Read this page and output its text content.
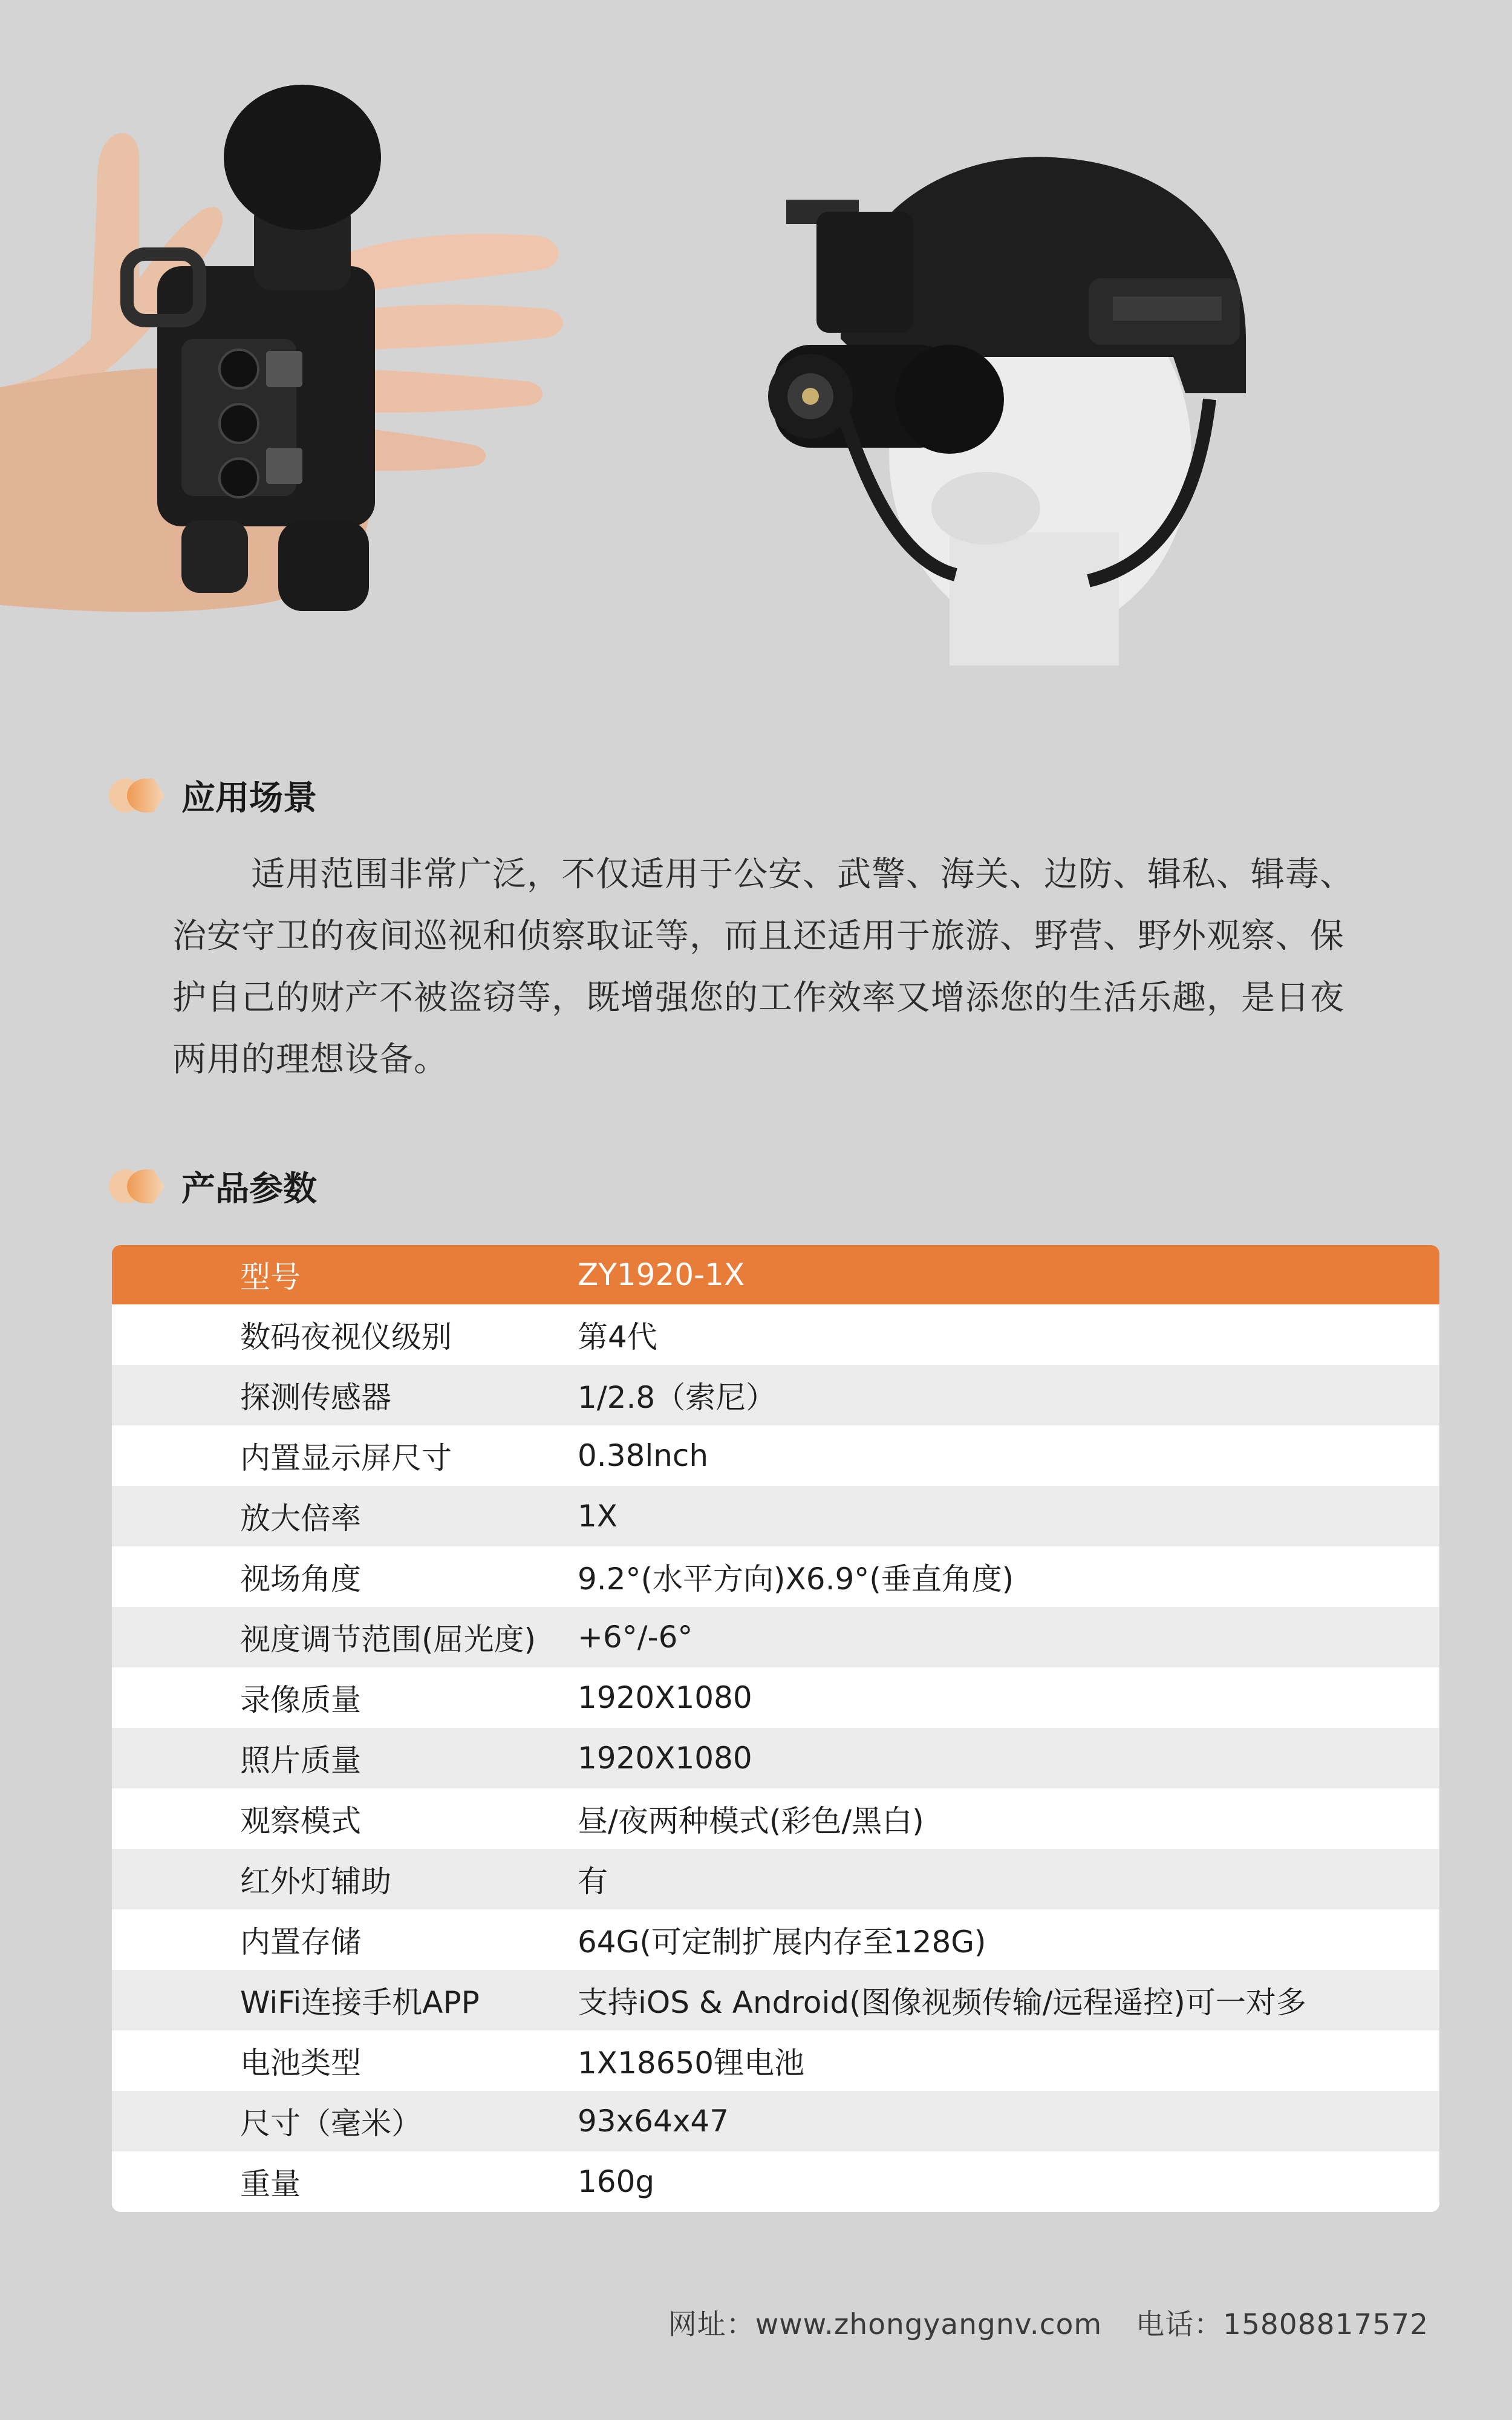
应用场景

适用范围非常广泛，不仅适用于公安、武警、海关、边防、辑私、辑毒、治安守卫的夜间巡视和侦察取证等，而且还适用于旅游、野营、野外观察、保护自己的财产不被盗窃等，既增强您的工作效率又增添您的生活乐趣，是日夜两用的理想设备。

产品参数
型号	ZY1920-1X
数码夜视仪级别	第4代
探测传感器	1/2.8（索尼）
内置显示屏尺寸	0.38lnch
放大倍率	1X
视场角度	9.2°(水平方向)X6.9°(垂直角度)
视度调节范围(屈光度)	+6°/-6°
录像质量	1920X1080
照片质量	1920X1080
观察模式	昼/夜两种模式(彩色/黑白)
红外灯辅助	有
内置存储	64G(可定制扩展内存至128G)
WiFi连接手机APP	支持iOS & Android(图像视频传输/远程遥控)可一对多
电池类型	1X18650锂电池
尺寸（毫米）	93x64x47
重量	160g
网址：www.zhongyangnv.com 电话：15808817572
